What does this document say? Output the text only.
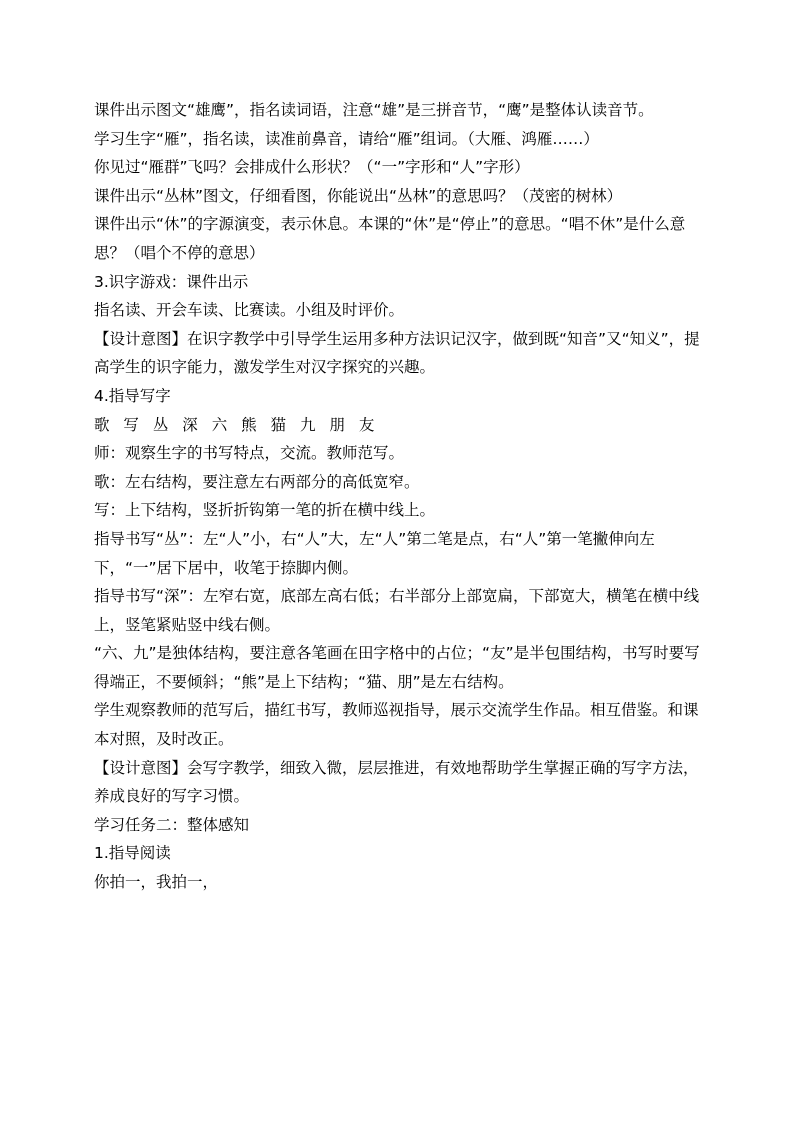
课件出示图文“雄鹰”，指名读词语，注意“雄”是三拼音节，“鹰”是整体认读音节。

学习生字“雁”，指名读，读准前鼻音，请给“雁”组词。（大雁、鸿雁……）

你见过“雁群”飞吗？会排成什么形状？（“一”字形和“人”字形）

课件出示“丛林”图文，仔细看图，你能说出“丛林”的意思吗？（茂密的树林）

课件出示“休”的字源演变，表示休息。本课的“休”是“停止”的意思。“唱不休”是什么意思？（唱个不停的意思）

3.识字游戏：课件出示

指名读、开会车读、比赛读。小组及时评价。

【设计意图】在识字教学中引导学生运用多种方法识记汉字，做到既“知音”又“知义”，提高学生的识字能力，激发学生对汉字探究的兴趣。

4.指导写字

歌 写 丛 深 六 熊 猫 九 朋 友

师：观察生字的书写特点，交流。教师范写。

歌：左右结构，要注意左右两部分的高低宽窄。

写：上下结构，竖折折钩第一笔的折在横中线上。

指导书写“丛”：左“人”小，右“人”大，左“人”第二笔是点，右“人”第一笔撇伸向左下，“一”居下居中，收笔于捺脚内侧。

指导书写“深”：左窄右宽，底部左高右低；右半部分上部宽扁，下部宽大，横笔在横中线上，竖笔紧贴竖中线右侧。

“六、九”是独体结构，要注意各笔画在田字格中的占位；“友”是半包围结构，书写时要写得端正，不要倾斜；“熊”是上下结构；“猫、朋”是左右结构。

学生观察教师的范写后，描红书写，教师巡视指导，展示交流学生作品。相互借鉴。和课本对照，及时改正。

【设计意图】会写字教学，细致入微，层层推进，有效地帮助学生掌握正确的写字方法，养成良好的写字习惯。

学习任务二：整体感知

1.指导阅读

你拍一，我拍一，
